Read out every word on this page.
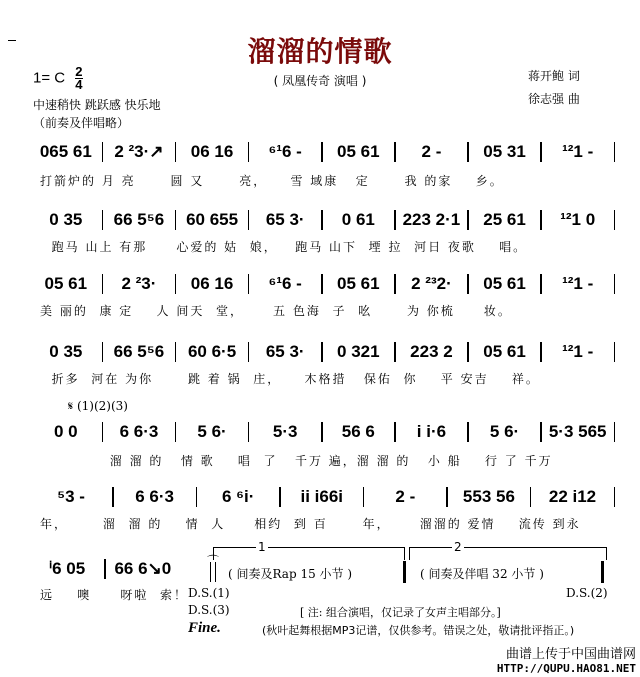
溜溜的情歌
( 凤凰传奇 演唱 )
1= C $\frac{2}{4}$
中速稍快 跳跃感 快乐地
（前奏及伴唱略）
蒋开鲍 词
徐志强 曲
065 61	2 ²3·↗	06 16	⁶¹6 -	05 61	2 -	05 31	¹²1 -
打箭炉的 月 亮      圆 又      亮，    雪 域康   定      我 的家    乡。
0 35	66 5⁵6	60 655	65 3·	0 61	223 2·1	25 61	¹²1 0
跑马 山上 有那     心爱的 姑  娘，   跑马 山下  堙 拉  河日 夜歌    唱。
05 61	2 ²3·	06 16	⁶¹6 -	05 61	2 ²³2·	05 61	¹²1 -
美 丽的  康 定    人 间天  堂，     五 色海  子  吆      为 你梳     妆。
0 35	66 5⁵6	60 6·5	65 3·	0 321	223 2	05 61	¹²1 -
折多  河在 为你      跳 着 锅  庄，    木格措   保佑  你    平 安吉    祥。
0 0	6 6·3	5 6·	5·3	56 6	i i·6	5 6·	5·3 565
溜 溜 的   情 歌    唱  了   千万 遍，溜 溜 的   小 船    行 了 千万
⁵3 -	6 6·3	6 ⁶i·	ii i66i	2 -	553 56	22 i12
年，      溜  溜 的    情  人     相约  到 百      年，     溜溜的 爱情    流传 到永
ⁱ6 05	66 6↘0
远    噢     呀啦  索！
𝄋 (1)(2)(3)
1	2
⌒
( 间奏及Rap 15 小节 )	( 间奏及伴唱 32 小节 )
D.S.(1)	D.S.(2)
D.S.(3)	[ 注: 组合演唱，仅记录了女声主唱部分。]
Fine.	(秋叶起舞根据MP3记谱，仅供参考。错误之处，敬请批评指正。)
曲谱上传于中国曲谱网
HTTP://QUPU.HAO81.NET
